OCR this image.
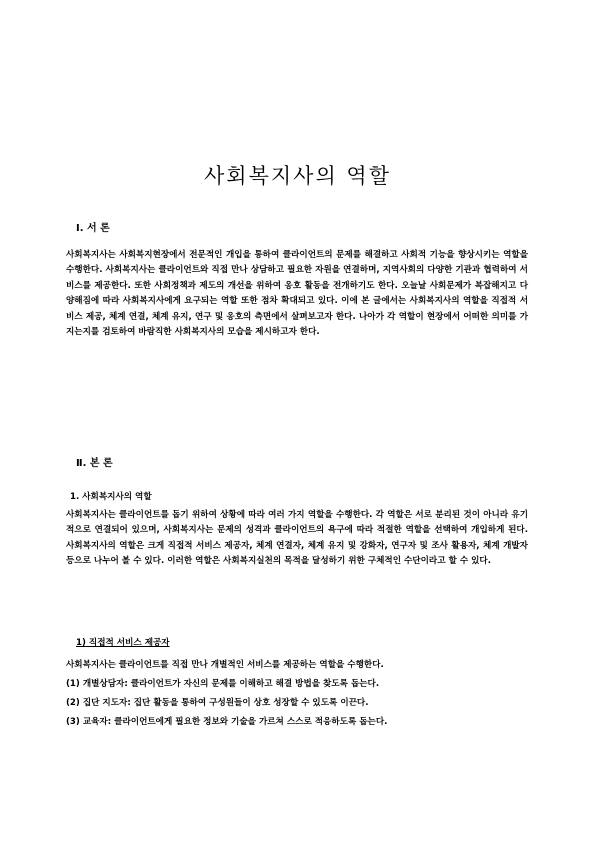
사회복지사의 역할
Ⅰ. 서 론
사회복지사는 사회복지현장에서 전문적인 개입을 통하여 클라이언트의 문제를 해결하고 사회적 기능을 향상시키는 역할을 수행한다. 사회복지사는 클라이언트와 직접 만나 상담하고 필요한 자원을 연결하며, 지역사회의 다양한 기관과 협력하여 서비스를 제공한다. 또한 사회정책과 제도의 개선을 위하여 옹호 활동을 전개하기도 한다. 오늘날 사회문제가 복잡해지고 다양해짐에 따라 사회복지사에게 요구되는 역할 또한 점차 확대되고 있다. 이에 본 글에서는 사회복지사의 역할을 직접적 서비스 제공, 체계 연결, 체계 유지, 연구 및 옹호의 측면에서 살펴보고자 한다. 나아가 각 역할이 현장에서 어떠한 의미를 가지는지를 검토하여 바람직한 사회복지사의 모습을 제시하고자 한다.
Ⅱ. 본 론
1. 사회복지사의 역할
사회복지사는 클라이언트를 돕기 위하여 상황에 따라 여러 가지 역할을 수행한다. 각 역할은 서로 분리된 것이 아니라 유기적으로 연결되어 있으며, 사회복지사는 문제의 성격과 클라이언트의 욕구에 따라 적절한 역할을 선택하여 개입하게 된다. 사회복지사의 역할은 크게 직접적 서비스 제공자, 체계 연결자, 체계 유지 및 강화자, 연구자 및 조사 활용자, 체계 개발자 등으로 나누어 볼 수 있다. 이러한 역할은 사회복지실천의 목적을 달성하기 위한 구체적인 수단이라고 할 수 있다.
1) 직접적 서비스 제공자
사회복지사는 클라이언트를 직접 만나 개별적인 서비스를 제공하는 역할을 수행한다.
(1) 개별상담자: 클라이언트가 자신의 문제를 이해하고 해결 방법을 찾도록 돕는다.
(2) 집단 지도자: 집단 활동을 통하여 구성원들이 상호 성장할 수 있도록 이끈다.
(3) 교육자: 클라이언트에게 필요한 정보와 기술을 가르쳐 스스로 적응하도록 돕는다.
